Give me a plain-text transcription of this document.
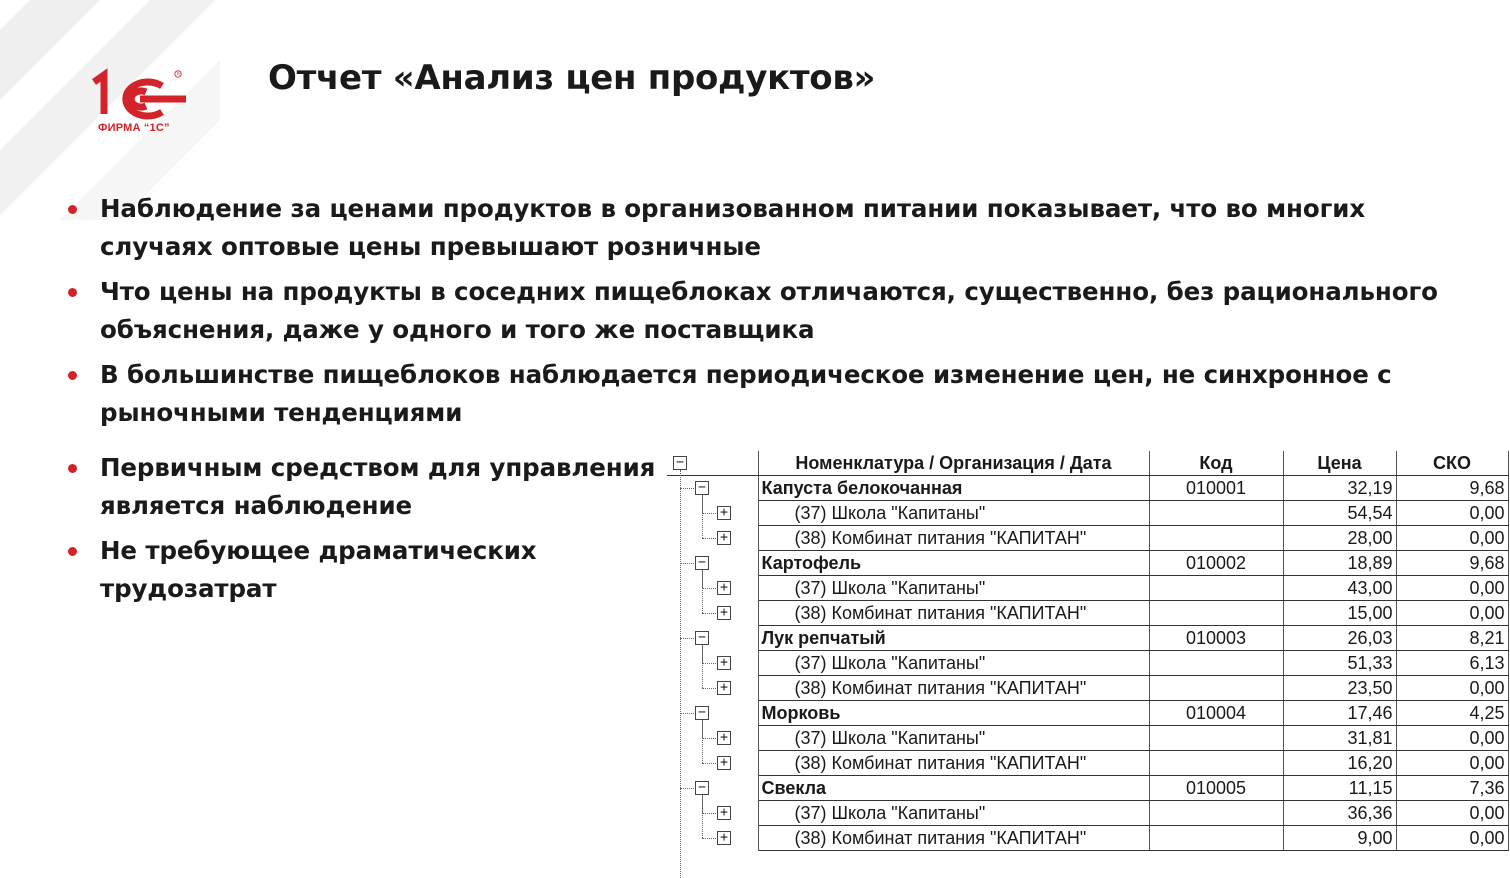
R
ФИРМА “1С”
Отчет «Анализ цен продуктов»
Наблюдение за ценами продуктов в организованном питании показывает, что во многих случаях оптовые цены превышают розничные
Что цены на продукты в соседних пищеблоках отличаются, существенно, без рационального объяснения, даже у одного и того же поставщика
В большинстве пищеблоков наблюдается периодическое изменение цен, не синхронное с рыночными тенденциями
Первичным средством для управления является наблюдение
Не требующее драматических трудозатрат
	Номенклатура / Организация / Дата	Код	Цена	СКО
	Капуста белокочанная	010001	32,19	9,68
	(37) Школа "Капитаны"		54,54	0,00
	(38) Комбинат питания "КАПИТАН"		28,00	0,00
	Картофель	010002	18,89	9,68
	(37) Школа "Капитаны"		43,00	0,00
	(38) Комбинат питания "КАПИТАН"		15,00	0,00
	Лук репчатый	010003	26,03	8,21
	(37) Школа "Капитаны"		51,33	6,13
	(38) Комбинат питания "КАПИТАН"		23,50	0,00
	Морковь	010004	17,46	4,25
	(37) Школа "Капитаны"		31,81	0,00
	(38) Комбинат питания "КАПИТАН"		16,20	0,00
	Свекла	010005	11,15	7,36
	(37) Школа "Капитаны"		36,36	0,00
	(38) Комбинат питания "КАПИТАН"		9,00	0,00
−
−
+
+
−
+
+
−
+
+
−
+
+
−
+
+
